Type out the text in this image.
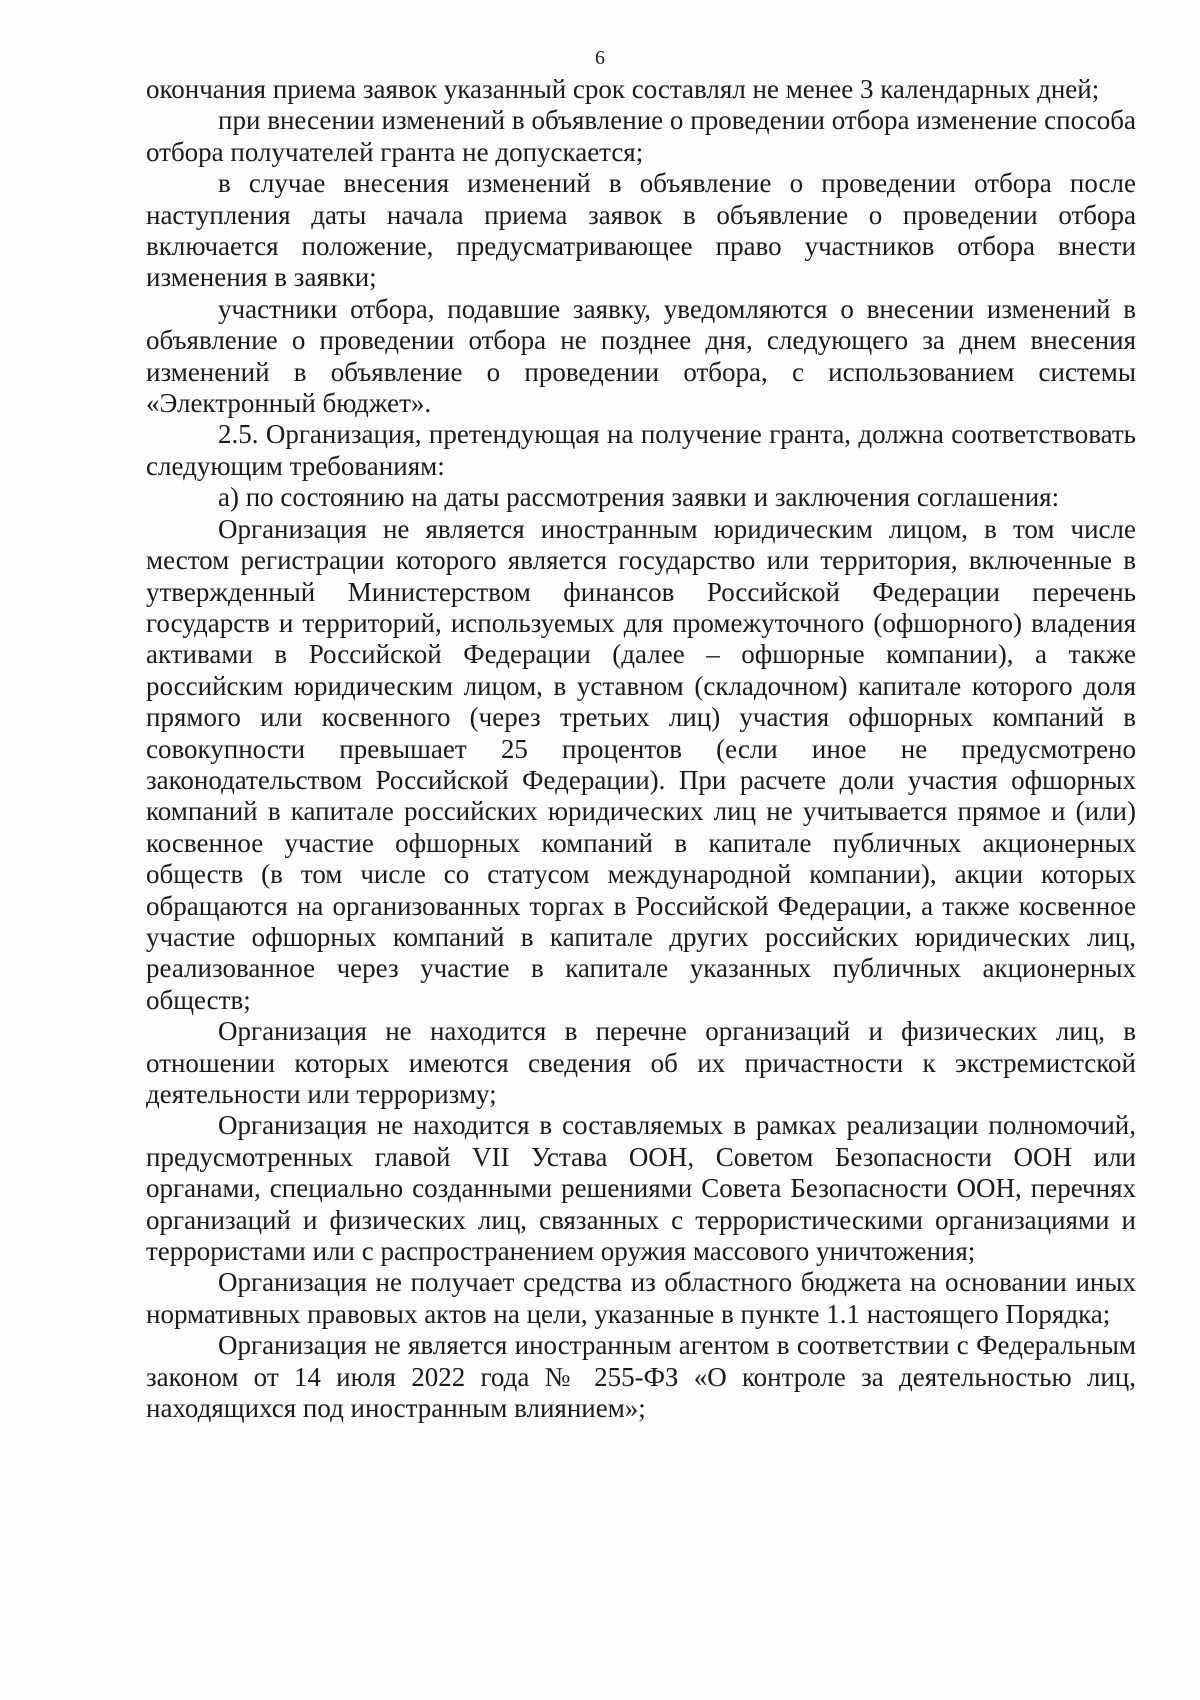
6

окончания приема заявок указанный срок составлял не менее 3 календарных дней;

при внесении изменений в объявление о проведении отбора изменение способа отбора получателей гранта не допускается;

в случае внесения изменений в объявление о проведении отбора после наступления даты начала приема заявок в объявление о проведении отбора включается положение, предусматривающее право участников отбора внести изменения в заявки;

участники отбора, подавшие заявку, уведомляются о внесении изменений в объявление о проведении отбора не позднее дня, следующего за днем внесения изменений в объявление о проведении отбора, с использованием системы «Электронный бюджет».

2.5. Организация, претендующая на получение гранта, должна соответствовать следующим требованиям:

а) по состоянию на даты рассмотрения заявки и заключения соглашения:

Организация не является иностранным юридическим лицом, в том числе местом регистрации которого является государство или территория, включенные в утвержденный Министерством финансов Российской Федерации перечень государств и территорий, используемых для промежуточного (офшорного) владения активами в Российской Федерации (далее – офшорные компании), а также российским юридическим лицом, в уставном (складочном) капитале которого доля прямого или косвенного (через третьих лиц) участия офшорных компаний в совокупности превышает 25 процентов (если иное не предусмотрено законодательством Российской Федерации). При расчете доли участия офшорных компаний в капитале российских юридических лиц не учитывается прямое и (или) косвенное участие офшорных компаний в капитале публичных акционерных обществ (в том числе со статусом международной компании), акции которых обращаются на организованных торгах в Российской Федерации, а также косвенное участие офшорных компаний в капитале других российских юридических лиц, реализованное через участие в капитале указанных публичных акционерных обществ;

Организация не находится в перечне организаций и физических лиц, в отношении которых имеются сведения об их причастности к экстремистской деятельности или терроризму;

Организация не находится в составляемых в рамках реализации полномочий, предусмотренных главой VII Устава ООН, Советом Безопасности ООН или органами, специально созданными решениями Совета Безопасности ООН, перечнях организаций и физических лиц, связанных с террористическими организациями и террористами или с распространением оружия массового уничтожения;

Организация не получает средства из областного бюджета на основании иных нормативных правовых актов на цели, указанные в пункте 1.1 настоящего Порядка;

Организация не является иностранным агентом в соответствии с Федеральным законом от 14 июля 2022 года № 255-ФЗ «О контроле за деятельностью лиц, находящихся под иностранным влиянием»;
